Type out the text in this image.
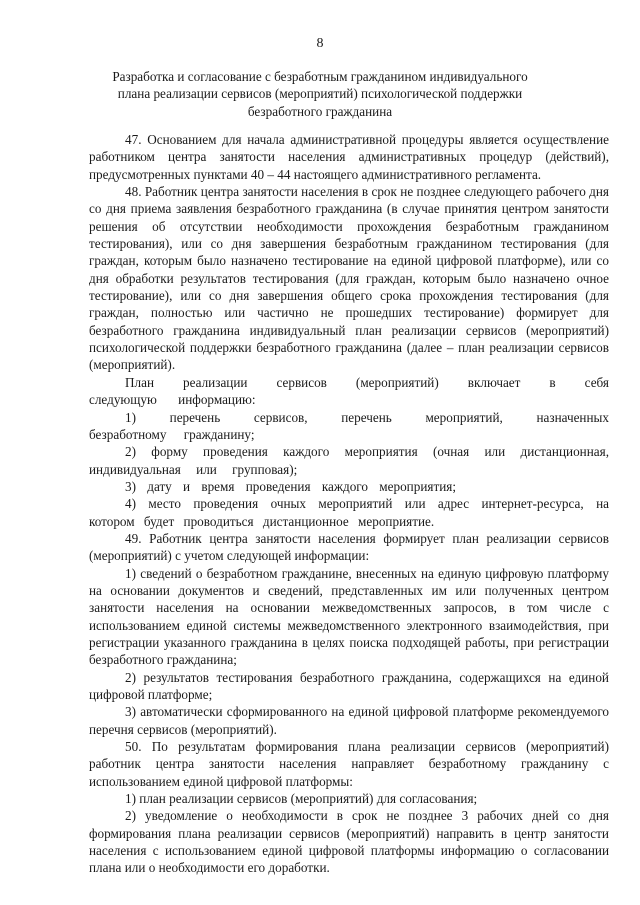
8
Разработка и согласование с безработным гражданином индивидуального
плана реализации сервисов (мероприятий) психологической поддержки
безработного гражданина

47. Основанием для начала административной процедуры является осуществление работником центра занятости населения административных процедур (действий), предусмотренных пунктами 40 – 44 настоящего административного регламента.

48. Работник центра занятости населения в срок не позднее следующего рабочего дня со дня приема заявления безработного гражданина (в случае принятия центром занятости решения об отсутствии необходимости прохождения безработным гражданином тестирования), или со дня завершения безработным гражданином тестирования (для граждан, которым было назначено тестирование на единой цифровой платформе), или со дня обработки результатов тестирования (для граждан, которым было назначено очное тестирование), или со дня завершения общего срока прохождения тестирования (для граждан, полностью или частично не прошедших тестирование) формирует для безработного гражданина индивидуальный план реализации сервисов (мероприятий) психологической поддержки безработного гражданина (далее – план реализации сервисов (мероприятий).

План реализации сервисов (мероприятий) включает в себя следующую информацию:

1) перечень сервисов, перечень мероприятий, назначенных безработному гражданину;

2) форму проведения каждого мероприятия (очная или дистанционная, индивидуальная или групповая);

3) дату и время проведения каждого мероприятия;

4) место проведения очных мероприятий или адрес интернет-ресурса, на котором будет проводиться дистанционное мероприятие.

49. Работник центра занятости населения формирует план реализации сервисов (мероприятий) с учетом следующей информации:

1) сведений о безработном гражданине, внесенных на единую цифровую платформу на основании документов и сведений, представленных им или полученных центром занятости населения на основании межведомственных запросов, в том числе с использованием единой системы межведомственного электронного взаимодействия, при регистрации указанного гражданина в целях поиска подходящей работы, при регистрации безработного гражданина;

2) результатов тестирования безработного гражданина, содержащихся на единой цифровой платформе;

3) автоматически сформированного на единой цифровой платформе рекомендуемого перечня сервисов (мероприятий).

50. По результатам формирования плана реализации сервисов (мероприятий) работник центра занятости населения направляет безработному гражданину с использованием единой цифровой платформы:

1) план реализации сервисов (мероприятий) для согласования;

2) уведомление о необходимости в срок не позднее 3 рабочих дней со дня формирования плана реализации сервисов (мероприятий) направить в центр занятости населения с использованием единой цифровой платформы информацию о согласовании плана или о необходимости его доработки.
